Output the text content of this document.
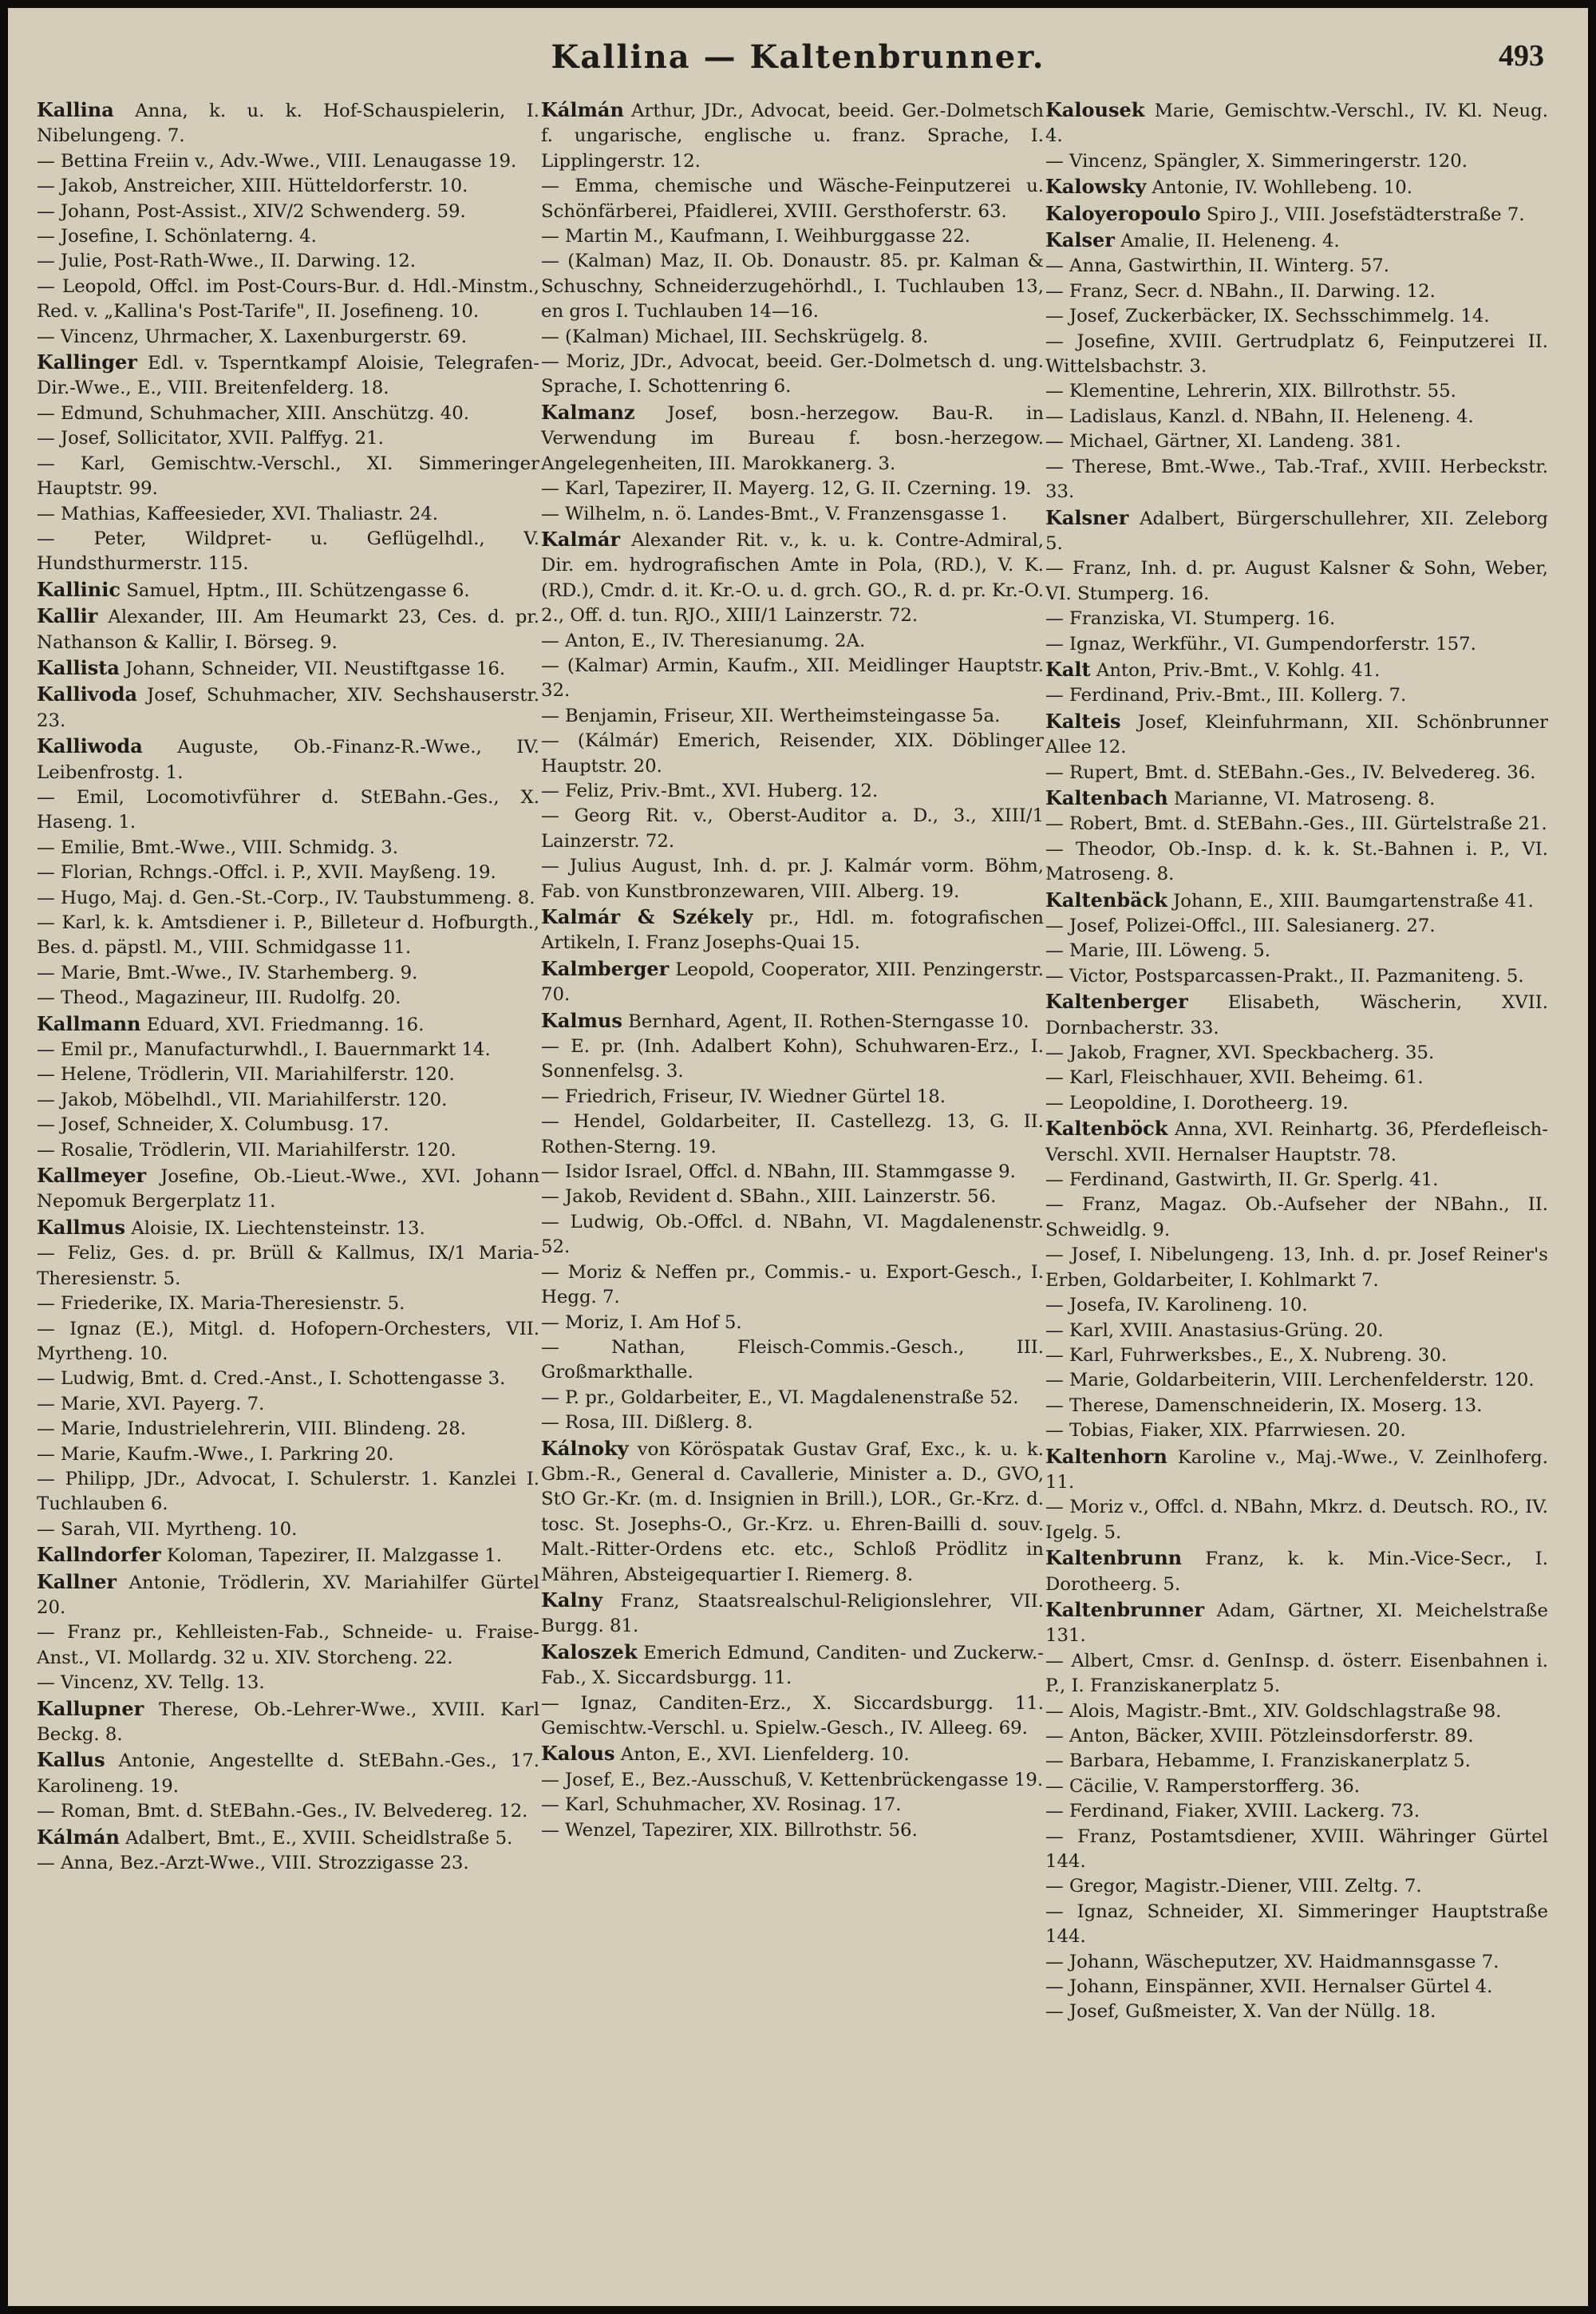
Kallina — Kaltenbrunner.	493

Kallina Anna, k. u. k. Hof-Schauspielerin, I. Nibelungeng. 7.

— Bettina Freiin v., Adv.-Wwe., VIII. Lenaugasse 19.

— Jakob, Anstreicher, XIII. Hütteldorferstr. 10.

— Johann, Post-Assist., XIV/2 Schwenderg. 59.

— Josefine, I. Schönlaterng. 4.

— Julie, Post-Rath-Wwe., II. Darwing. 12.

— Leopold, Offcl. im Post-Cours-Bur. d. Hdl.-Minstm., Red. v. „Kallina's Post-Tarife", II. Josefineng. 10.

— Vincenz, Uhrmacher, X. Laxenburgerstr. 69.

Kallinger Edl. v. Tsperntkampf Aloisie, Telegrafen-Dir.-Wwe., E., VIII. Breitenfelderg. 18.

— Edmund, Schuhmacher, XIII. Anschützg. 40.

— Josef, Sollicitator, XVII. Palffyg. 21.

— Karl, Gemischtw.-Verschl., XI. Simmeringer Hauptstr. 99.

— Mathias, Kaffeesieder, XVI. Thaliastr. 24.

— Peter, Wildpret- u. Geflügelhdl., V. Hundsthurmerstr. 115.

Kallinic Samuel, Hptm., III. Schützengasse 6.

Kallir Alexander, III. Am Heumarkt 23, Ces. d. pr. Nathanson & Kallir, I. Börseg. 9.

Kallista Johann, Schneider, VII. Neustiftgasse 16.

Kallivoda Josef, Schuhmacher, XIV. Sechshauserstr. 23.

Kalliwoda Auguste, Ob.-Finanz-R.-Wwe., IV. Leibenfrostg. 1.

— Emil, Locomotivführer d. StEBahn.-Ges., X. Haseng. 1.

— Emilie, Bmt.-Wwe., VIII. Schmidg. 3.

— Florian, Rchngs.-Offcl. i. P., XVII. Mayßeng. 19.

— Hugo, Maj. d. Gen.-St.-Corp., IV. Taubstummeng. 8.

— Karl, k. k. Amtsdiener i. P., Billeteur d. Hofburgth., Bes. d. päpstl. M., VIII. Schmidgasse 11.

— Marie, Bmt.-Wwe., IV. Starhemberg. 9.

— Theod., Magazineur, III. Rudolfg. 20.

Kallmann Eduard, XVI. Friedmanng. 16.

— Emil pr., Manufacturwhdl., I. Bauernmarkt 14.

— Helene, Trödlerin, VII. Mariahilferstr. 120.

— Jakob, Möbelhdl., VII. Mariahilferstr. 120.

— Josef, Schneider, X. Columbusg. 17.

— Rosalie, Trödlerin, VII. Mariahilferstr. 120.

Kallmeyer Josefine, Ob.-Lieut.-Wwe., XVI. Johann Nepomuk Bergerplatz 11.

Kallmus Aloisie, IX. Liechtensteinstr. 13.

— Feliz, Ges. d. pr. Brüll & Kallmus, IX/1 Maria-Theresienstr. 5.

— Friederike, IX. Maria-Theresienstr. 5.

— Ignaz (E.), Mitgl. d. Hofopern-Orchesters, VII. Myrtheng. 10.

— Ludwig, Bmt. d. Cred.-Anst., I. Schottengasse 3.

— Marie, XVI. Payerg. 7.

— Marie, Industrielehrerin, VIII. Blindeng. 28.

— Marie, Kaufm.-Wwe., I. Parkring 20.

— Philipp, JDr., Advocat, I. Schulerstr. 1. Kanzlei I. Tuchlauben 6.

— Sarah, VII. Myrtheng. 10.

Kallndorfer Koloman, Tapezirer, II. Malzgasse 1.

Kallner Antonie, Trödlerin, XV. Mariahilfer Gürtel 20.

— Franz pr., Kehlleisten-Fab., Schneide- u. Fraise-Anst., VI. Mollardg. 32 u. XIV. Storcheng. 22.

— Vincenz, XV. Tellg. 13.

Kallupner Therese, Ob.-Lehrer-Wwe., XVIII. Karl Beckg. 8.

Kallus Antonie, Angestellte d. StEBahn.-Ges., 17. Karolineng. 19.

— Roman, Bmt. d. StEBahn.-Ges., IV. Belvedereg. 12.

Kálmán Adalbert, Bmt., E., XVIII. Scheidlstraße 5.

— Anna, Bez.-Arzt-Wwe., VIII. Strozzigasse 23.

Kálmán Arthur, JDr., Advocat, beeid. Ger.-Dolmetsch f. ungarische, englische u. franz. Sprache, I. Lipplingerstr. 12.

— Emma, chemische und Wäsche-Feinputzerei u. Schönfärberei, Pfaidlerei, XVIII. Gersthoferstr. 63.

— Martin M., Kaufmann, I. Weihburggasse 22.

— (Kalman) Maz, II. Ob. Donaustr. 85. pr. Kalman & Schuschny, Schneiderzugehörhdl., I. Tuchlauben 13, en gros I. Tuchlauben 14—16.

— (Kalman) Michael, III. Sechskrügelg. 8.

— Moriz, JDr., Advocat, beeid. Ger.-Dolmetsch d. ung. Sprache, I. Schottenring 6.

Kalmanz Josef, bosn.-herzegow. Bau-R. in Verwendung im Bureau f. bosn.-herzegow. Angelegenheiten, III. Marokkanerg. 3.

— Karl, Tapezirer, II. Mayerg. 12, G. II. Czerning. 19.

— Wilhelm, n. ö. Landes-Bmt., V. Franzensgasse 1.

Kalmár Alexander Rit. v., k. u. k. Contre-Admiral, Dir. em. hydrografischen Amte in Pola, (RD.), V. K. (RD.), Cmdr. d. it. Kr.-O. u. d. grch. GO., R. d. pr. Kr.-O. 2., Off. d. tun. RJO., XIII/1 Lainzerstr. 72.

— Anton, E., IV. Theresianumg. 2A.

— (Kalmar) Armin, Kaufm., XII. Meidlinger Hauptstr. 32.

— Benjamin, Friseur, XII. Wertheimsteingasse 5a.

— (Kálmár) Emerich, Reisender, XIX. Döblinger Hauptstr. 20.

— Feliz, Priv.-Bmt., XVI. Huberg. 12.

— Georg Rit. v., Oberst-Auditor a. D., 3., XIII/1 Lainzerstr. 72.

— Julius August, Inh. d. pr. J. Kalmár vorm. Böhm, Fab. von Kunstbronzewaren, VIII. Alberg. 19.

Kalmár & Székely pr., Hdl. m. fotografischen Artikeln, I. Franz Josephs-Quai 15.

Kalmberger Leopold, Cooperator, XIII. Penzingerstr. 70.

Kalmus Bernhard, Agent, II. Rothen-Sterngasse 10.

— E. pr. (Inh. Adalbert Kohn), Schuhwaren-Erz., I. Sonnenfelsg. 3.

— Friedrich, Friseur, IV. Wiedner Gürtel 18.

— Hendel, Goldarbeiter, II. Castellezg. 13, G. II. Rothen-Sterng. 19.

— Isidor Israel, Offcl. d. NBahn, III. Stammgasse 9.

— Jakob, Revident d. SBahn., XIII. Lainzerstr. 56.

— Ludwig, Ob.-Offcl. d. NBahn, VI. Magdalenenstr. 52.

— Moriz & Neffen pr., Commis.- u. Export-Gesch., I. Hegg. 7.

— Moriz, I. Am Hof 5.

— Nathan, Fleisch-Commis.-Gesch., III. Großmarkthalle.

— P. pr., Goldarbeiter, E., VI. Magdalenenstraße 52.

— Rosa, III. Dißlerg. 8.

Kálnoky von Köröspatak Gustav Graf, Exc., k. u. k. Gbm.-R., General d. Cavallerie, Minister a. D., GVO, StO Gr.-Kr. (m. d. Insignien in Brill.), LOR., Gr.-Krz. d. tosc. St. Josephs-O., Gr.-Krz. u. Ehren-Bailli d. souv. Malt.-Ritter-Ordens etc. etc., Schloß Prödlitz in Mähren, Absteigequartier I. Riemerg. 8.

Kalny Franz, Staatsrealschul-Religionslehrer, VII. Burgg. 81.

Kaloszek Emerich Edmund, Canditen- und Zuckerw.-Fab., X. Siccardsburgg. 11.

— Ignaz, Canditen-Erz., X. Siccardsburgg. 11. Gemischtw.-Verschl. u. Spielw.-Gesch., IV. Alleeg. 69.

Kalous Anton, E., XVI. Lienfelderg. 10.

— Josef, E., Bez.-Ausschuß, V. Kettenbrückengasse 19.

— Karl, Schuhmacher, XV. Rosinag. 17.

— Wenzel, Tapezirer, XIX. Billrothstr. 56.

Kalousek Marie, Gemischtw.-Verschl., IV. Kl. Neug. 4.

— Vincenz, Spängler, X. Simmeringerstr. 120.

Kalowsky Antonie, IV. Wohllebeng. 10.

Kaloyeropoulo Spiro J., VIII. Josefstädterstraße 7.

Kalser Amalie, II. Heleneng. 4.

— Anna, Gastwirthin, II. Winterg. 57.

— Franz, Secr. d. NBahn., II. Darwing. 12.

— Josef, Zuckerbäcker, IX. Sechsschimmelg. 14.

— Josefine, XVIII. Gertrudplatz 6, Feinputzerei II. Wittelsbachstr. 3.

— Klementine, Lehrerin, XIX. Billrothstr. 55.

— Ladislaus, Kanzl. d. NBahn, II. Heleneng. 4.

— Michael, Gärtner, XI. Landeng. 381.

— Therese, Bmt.-Wwe., Tab.-Traf., XVIII. Herbeckstr. 33.

Kalsner Adalbert, Bürgerschullehrer, XII. Zeleborg 5.

— Franz, Inh. d. pr. August Kalsner & Sohn, Weber, VI. Stumperg. 16.

— Franziska, VI. Stumperg. 16.

— Ignaz, Werkführ., VI. Gumpendorferstr. 157.

Kalt Anton, Priv.-Bmt., V. Kohlg. 41.

— Ferdinand, Priv.-Bmt., III. Kollerg. 7.

Kalteis Josef, Kleinfuhrmann, XII. Schönbrunner Allee 12.

— Rupert, Bmt. d. StEBahn.-Ges., IV. Belvedereg. 36.

Kaltenbach Marianne, VI. Matroseng. 8.

— Robert, Bmt. d. StEBahn.-Ges., III. Gürtelstraße 21.

— Theodor, Ob.-Insp. d. k. k. St.-Bahnen i. P., VI. Matroseng. 8.

Kaltenbäck Johann, E., XIII. Baumgartenstraße 41.

— Josef, Polizei-Offcl., III. Salesianerg. 27.

— Marie, III. Löweng. 5.

— Victor, Postsparcassen-Prakt., II. Pazmaniteng. 5.

Kaltenberger Elisabeth, Wäscherin, XVII. Dornbacherstr. 33.

— Jakob, Fragner, XVI. Speckbacherg. 35.

— Karl, Fleischhauer, XVII. Beheimg. 61.

— Leopoldine, I. Dorotheerg. 19.

Kaltenböck Anna, XVI. Reinhartg. 36, Pferdefleisch-Verschl. XVII. Hernalser Hauptstr. 78.

— Ferdinand, Gastwirth, II. Gr. Sperlg. 41.

— Franz, Magaz. Ob.-Aufseher der NBahn., II. Schweidlg. 9.

— Josef, I. Nibelungeng. 13, Inh. d. pr. Josef Reiner's Erben, Goldarbeiter, I. Kohlmarkt 7.

— Josefa, IV. Karolineng. 10.

— Karl, XVIII. Anastasius-Grüng. 20.

— Karl, Fuhrwerksbes., E., X. Nubreng. 30.

— Marie, Goldarbeiterin, VIII. Lerchenfelderstr. 120.

— Therese, Damenschneiderin, IX. Moserg. 13.

— Tobias, Fiaker, XIX. Pfarrwiesen. 20.

Kaltenhorn Karoline v., Maj.-Wwe., V. Zeinlhoferg. 11.

— Moriz v., Offcl. d. NBahn, Mkrz. d. Deutsch. RO., IV. Igelg. 5.

Kaltenbrunn Franz, k. k. Min.-Vice-Secr., I. Dorotheerg. 5.

Kaltenbrunner Adam, Gärtner, XI. Meichelstraße 131.

— Albert, Cmsr. d. GenInsp. d. österr. Eisenbahnen i. P., I. Franziskanerplatz 5.

— Alois, Magistr.-Bmt., XIV. Goldschlagstraße 98.

— Anton, Bäcker, XVIII. Pötzleinsdorferstr. 89.

— Barbara, Hebamme, I. Franziskanerplatz 5.

— Cäcilie, V. Ramperstorfferg. 36.

— Ferdinand, Fiaker, XVIII. Lackerg. 73.

— Franz, Postamtsdiener, XVIII. Währinger Gürtel 144.

— Gregor, Magistr.-Diener, VIII. Zeltg. 7.

— Ignaz, Schneider, XI. Simmeringer Hauptstraße 144.

— Johann, Wäscheputzer, XV. Haidmannsgasse 7.

— Johann, Einspänner, XVII. Hernalser Gürtel 4.

— Josef, Gußmeister, X. Van der Nüllg. 18.
